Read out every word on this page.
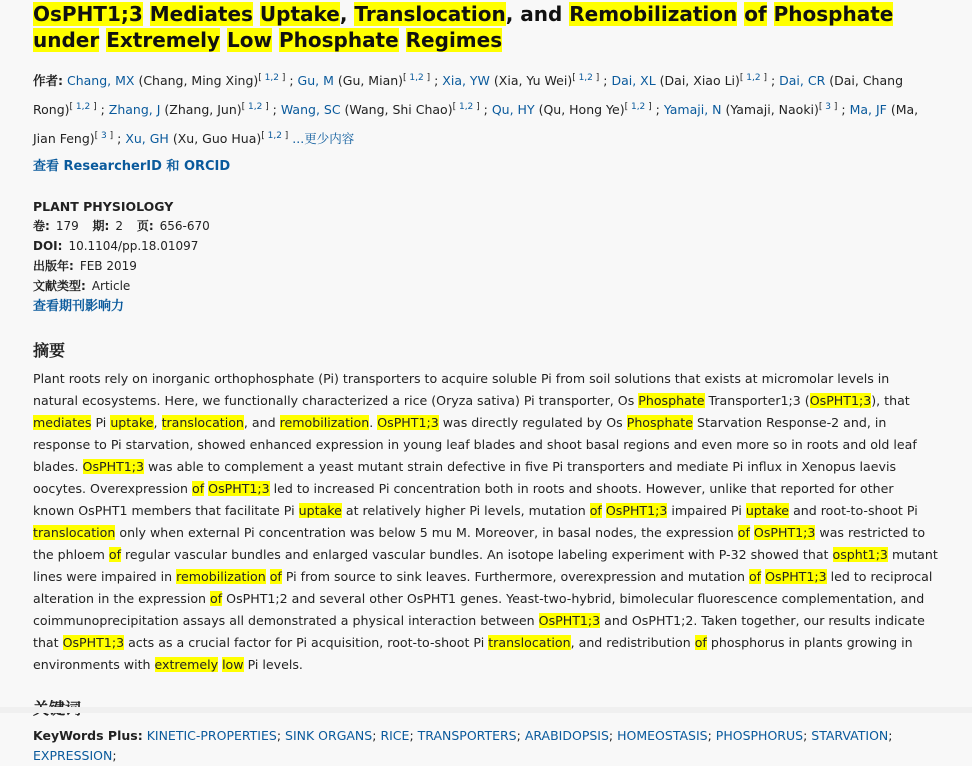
OsPHT1;3 Mediates Uptake, Translocation, and Remobilization of Phosphate under Extremely Low Phosphate Regimes
作者: Chang, MX (Chang, Ming Xing)[ 1,2 ] ; Gu, M (Gu, Mian)[ 1,2 ] ; Xia, YW (Xia, Yu Wei)[ 1,2 ] ; Dai, XL (Dai, Xiao Li)[ 1,2 ] ; Dai, CR (Dai, Chang Rong)[ 1,2 ] ; Zhang, J (Zhang, Jun)[ 1,2 ] ; Wang, SC (Wang, Shi Chao)[ 1,2 ] ; Qu, HY (Qu, Hong Ye)[ 1,2 ] ; Yamaji, N (Yamaji, Naoki)[ 3 ] ; Ma, JF (Ma, Jian Feng)[ 3 ] ; Xu, GH (Xu, Guo Hua)[ 1,2 ] ...更少内容
查看 ResearcherID 和 ORCID
PLANT PHYSIOLOGY
卷: 179 期: 2 页: 656-670
DOI: 10.1104/pp.18.01097
出版年: FEB 2019
文献类型: Article
查看期刊影响力
摘要
Plant roots rely on inorganic orthophosphate (Pi) transporters to acquire soluble Pi from soil solutions that exists at micromolar levels in natural ecosystems. Here, we functionally characterized a rice (Oryza sativa) Pi transporter, Os Phosphate Transporter1;3 (OsPHT1;3), that mediates Pi uptake, translocation, and remobilization. OsPHT1;3 was directly regulated by Os Phosphate Starvation Response-2 and, in response to Pi starvation, showed enhanced expression in young leaf blades and shoot basal regions and even more so in roots and old leaf blades. OsPHT1;3 was able to complement a yeast mutant strain defective in five Pi transporters and mediate Pi influx in Xenopus laevis oocytes. Overexpression of OsPHT1;3 led to increased Pi concentration both in roots and shoots. However, unlike that reported for other known OsPHT1 members that facilitate Pi uptake at relatively higher Pi levels, mutation of OsPHT1;3 impaired Pi uptake and root-to-shoot Pi translocation only when external Pi concentration was below 5 mu M. Moreover, in basal nodes, the expression of OsPHT1;3 was restricted to the phloem of regular vascular bundles and enlarged vascular bundles. An isotope labeling experiment with P-32 showed that ospht1;3 mutant lines were impaired in remobilization of Pi from source to sink leaves. Furthermore, overexpression and mutation of OsPHT1;3 led to reciprocal alteration in the expression of OsPHT1;2 and several other OsPHT1 genes. Yeast-two-hybrid, bimolecular fluorescence complementation, and coimmunoprecipitation assays all demonstrated a physical interaction between OsPHT1;3 and OsPHT1;2. Taken together, our results indicate that OsPHT1;3 acts as a crucial factor for Pi acquisition, root-to-shoot Pi translocation, and redistribution of phosphorus in plants growing in environments with extremely low Pi levels.
KeyWords Plus: KINETIC-PROPERTIES; SINK ORGANS; RICE; TRANSPORTERS; ARABIDOPSIS; HOMEOSTASIS; PHOSPHORUS; STARVATION; EXPRESSION;
